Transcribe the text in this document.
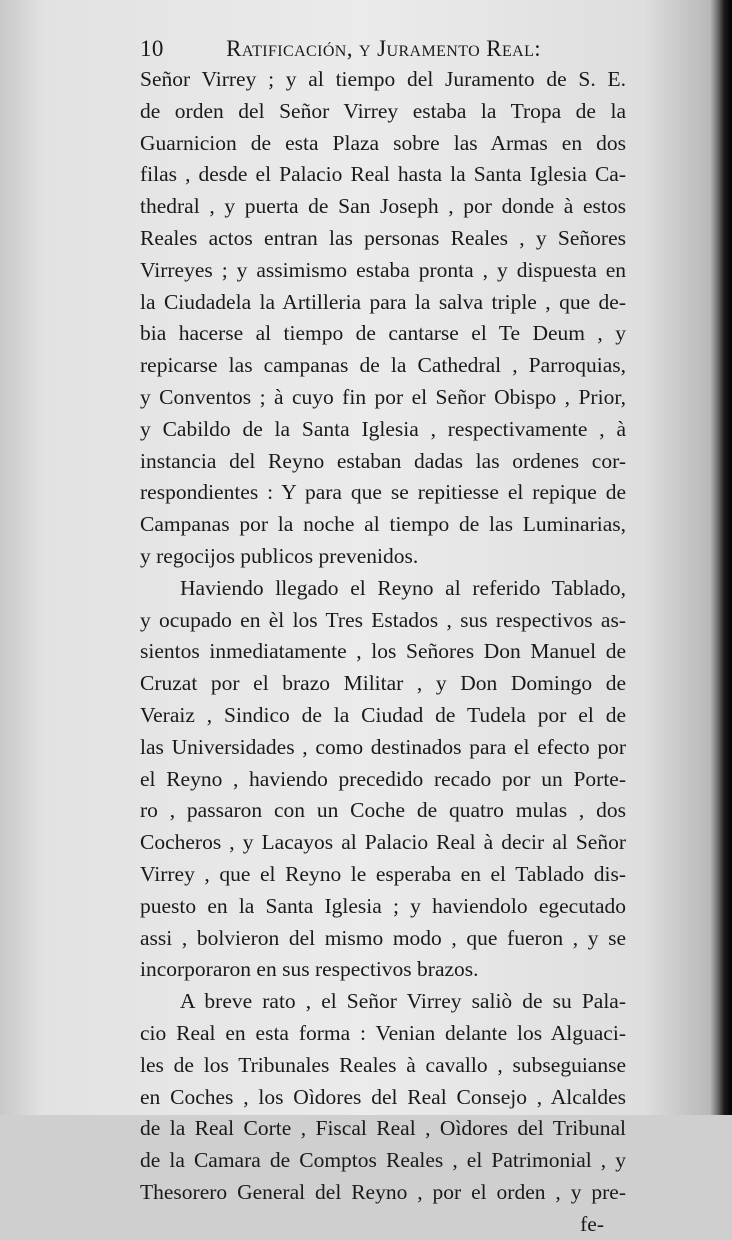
10	Ratificación, y Juramento Real:
Señor Virrey ; y al tiempo del Juramento de S. E.
de orden del Señor Virrey estaba la Tropa de la
Guarnicion de esta Plaza sobre las Armas en dos
filas , desde el Palacio Real hasta la Santa Iglesia Ca-
thedral , y puerta de San Joseph , por donde à estos
Reales actos entran las personas Reales , y Señores
Virreyes ; y assimismo estaba pronta , y dispuesta en
la Ciudadela la Artilleria para la salva triple , que de-
bia hacerse al tiempo de cantarse el Te Deum , y
repicarse las campanas de la Cathedral , Parroquias,
y Conventos ; à cuyo fin por el Señor Obispo , Prior,
y Cabildo de la Santa Iglesia , respectivamente , à
instancia del Reyno estaban dadas las ordenes cor-
respondientes : Y para que se repitiesse el repique de
Campanas por la noche al tiempo de las Luminarias,
y regocijos publicos prevenidos.
Haviendo llegado el Reyno al referido Tablado,
y ocupado en èl los Tres Estados , sus respectivos as-
sientos inmediatamente , los Señores Don Manuel de
Cruzat por el brazo Militar , y Don Domingo de
Veraiz , Sindico de la Ciudad de Tudela por el de
las Universidades , como destinados para el efecto por
el Reyno , haviendo precedido recado por un Porte-
ro , passaron con un Coche de quatro mulas , dos
Cocheros , y Lacayos al Palacio Real à decir al Señor
Virrey , que el Reyno le esperaba en el Tablado dis-
puesto en la Santa Iglesia ; y haviendolo egecutado
assi , bolvieron del mismo modo , que fueron , y se
incorporaron en sus respectivos brazos.
A breve rato , el Señor Virrey saliò de su Pala-
cio Real en esta forma : Venian delante los Alguaci-
les de los Tribunales Reales à cavallo , subseguianse
en Coches , los Oìdores del Real Consejo , Alcaldes
de la Real Corte , Fiscal Real , Oìdores del Tribunal
de la Camara de Comptos Reales , el Patrimonial , y
Thesorero General del Reyno , por el orden , y pre-
fe-
